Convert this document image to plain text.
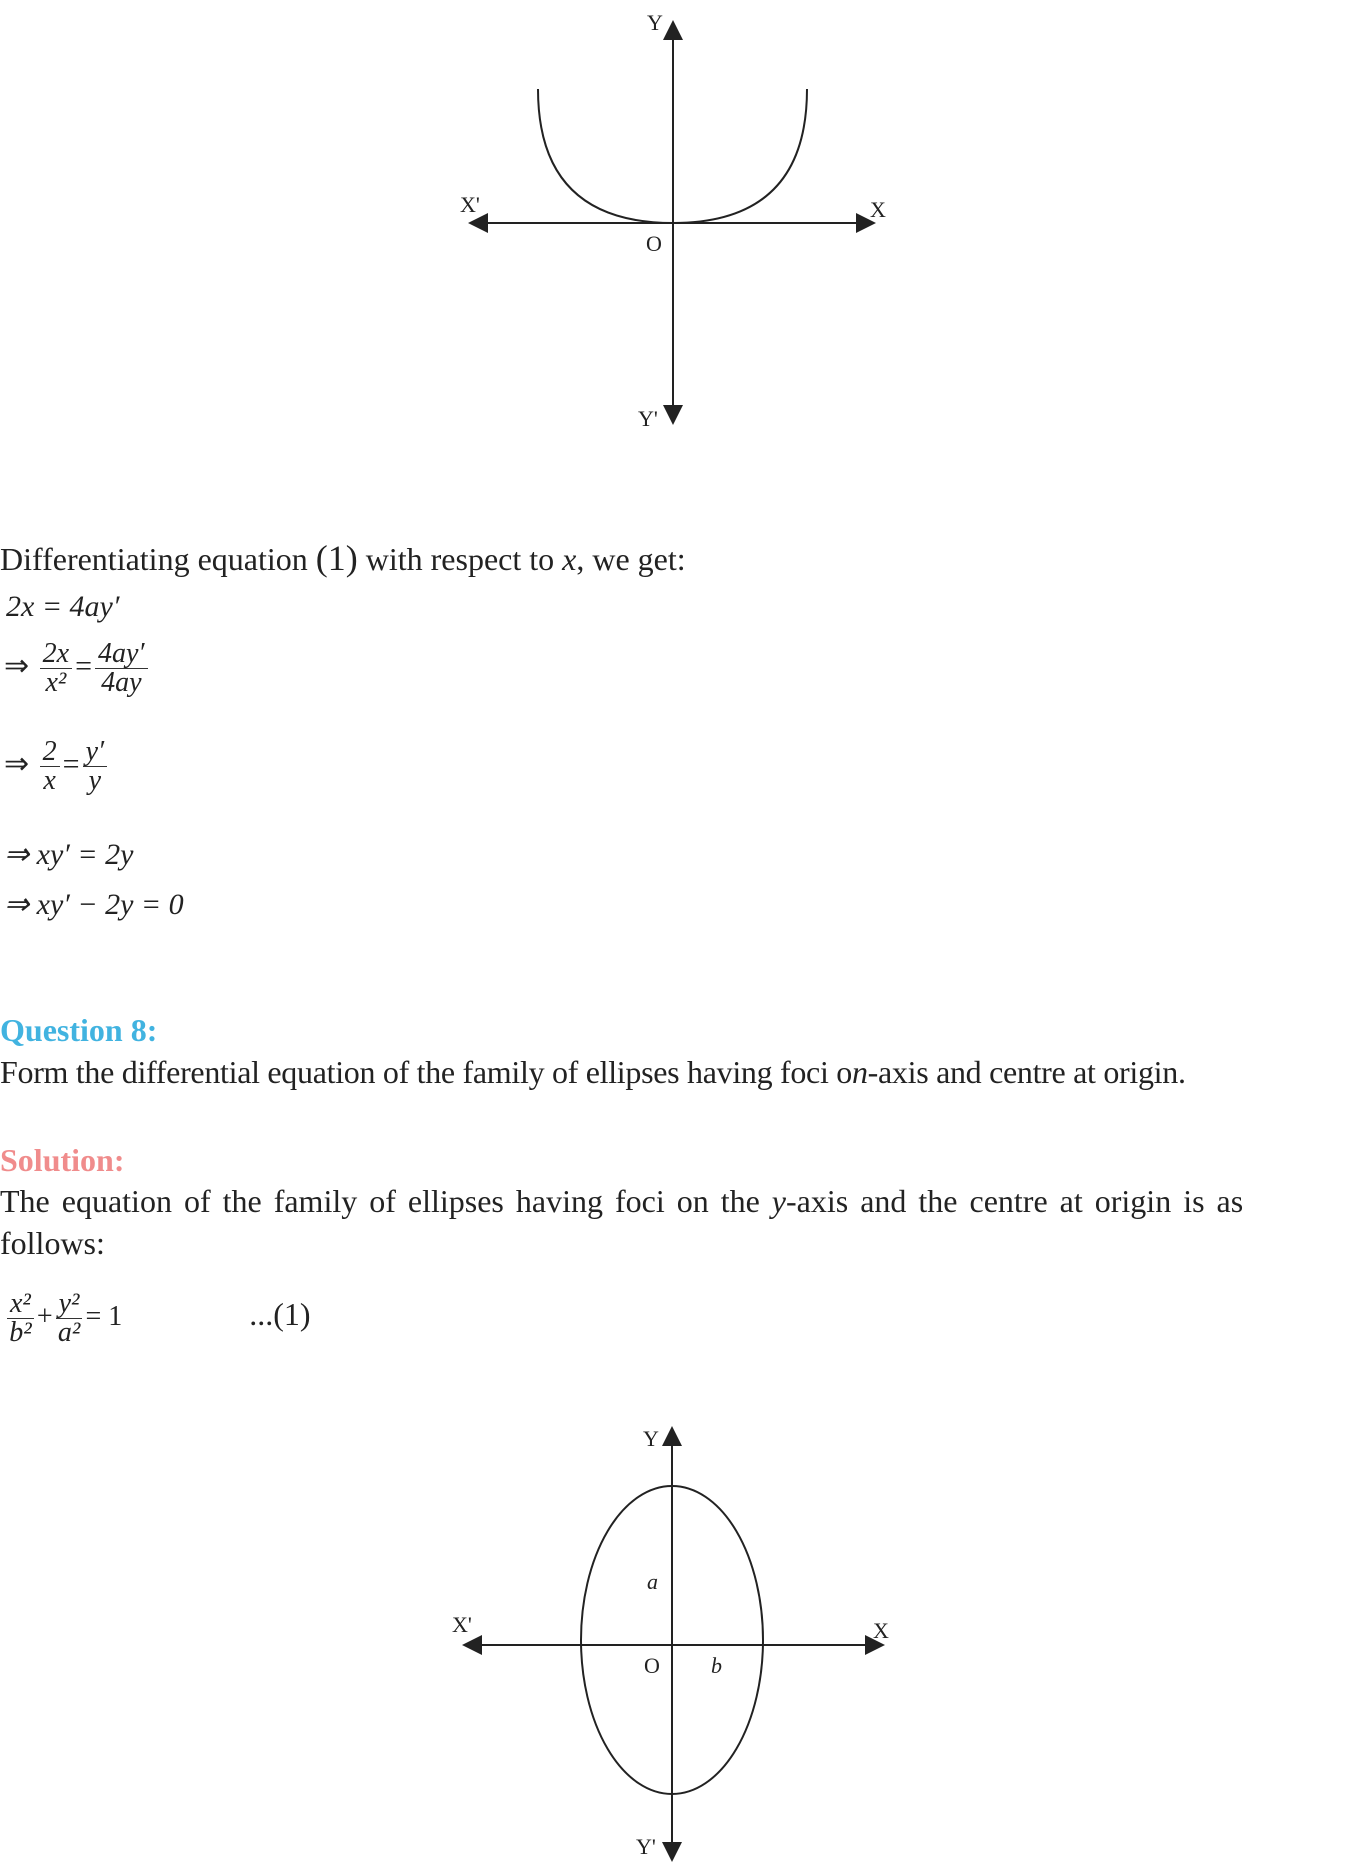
Y
X'	X
O
Y'
Differentiating equation (1) with respect to x, we get:
2x = 4ay′
⇒ $\frac{2x}{\text{x²}} = \frac{4ay'}{4ay}$
⇒ $\frac{2}{x} = \frac{y'}{y}$
⇒ xy′ = 2y
⇒ xy′ − 2y = 0
Question 8:
Form the differential equation of the family of ellipses having foci on-axis and centre at origin.
Solution:
The equation of the family of ellipses having foci on the y-axis and the centre at origin is as
follows:
$\frac{\text{x²}}{\text{b²}} + \frac{\text{y²}}{\text{a²}} = 1$	...(1)
Y
X'	X
a
O b
Y'
